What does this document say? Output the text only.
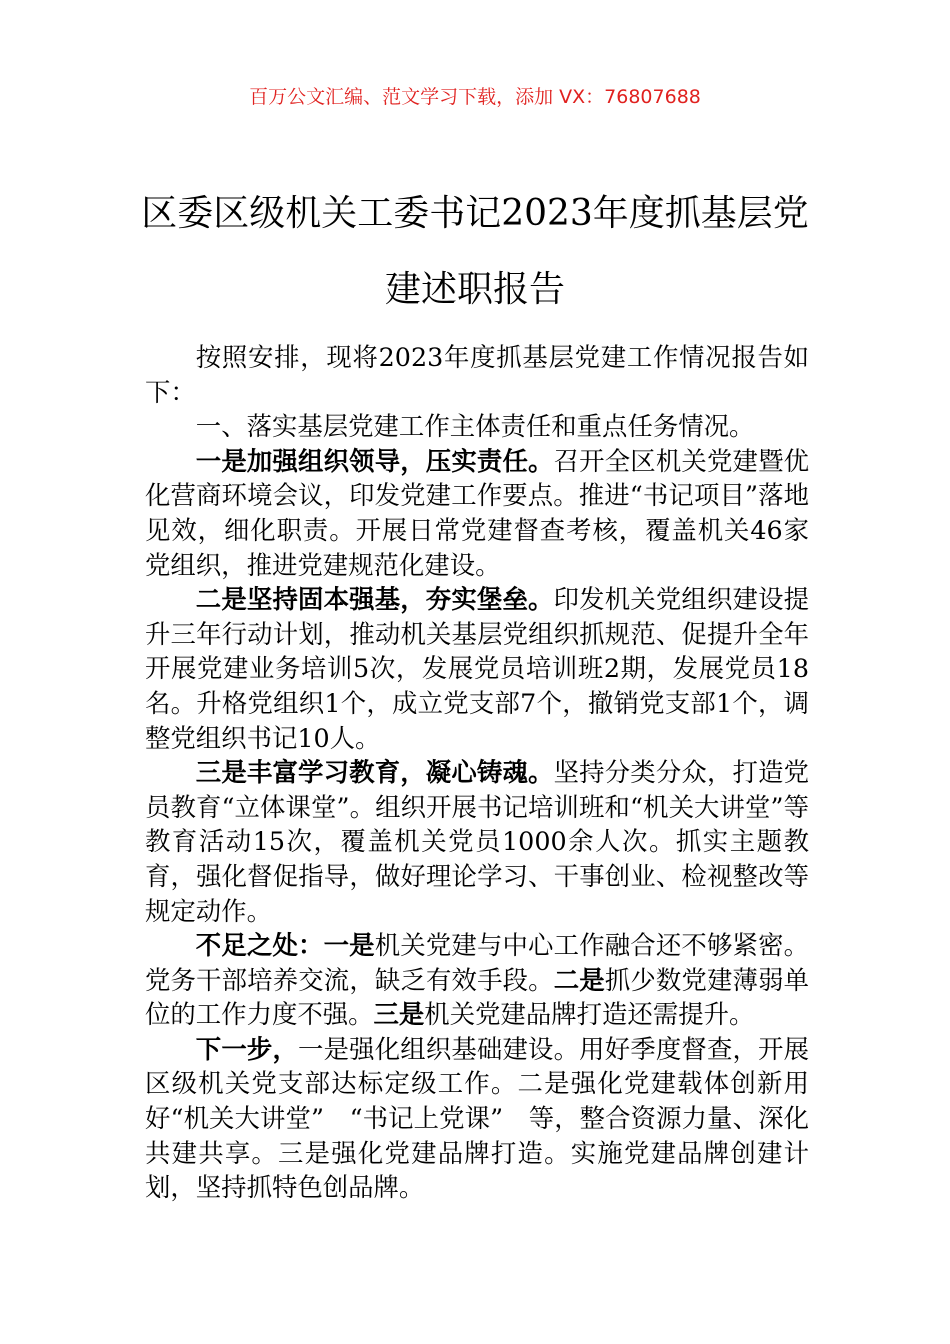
百万公文汇编、范文学习下载，添加 VX：76807688
区委区级机关工委书记2023年度抓基层党建述职报告

按照安排，现将2023年度抓基层党建工作情况报告如下：

一、落实基层党建工作主体责任和重点任务情况。

一是加强组织领导，压实责任。召开全区机关党建暨优化营商环境会议，印发党建工作要点。推进“书记项目”落地见效，细化职责。开展日常党建督查考核，覆盖机关46家党组织，推进党建规范化建设。

二是坚持固本强基，夯实堡垒。印发机关党组织建设提升三年行动计划，推动机关基层党组织抓规范、促提升全年开展党建业务培训5次，发展党员培训班2期，发展党员18名。升格党组织1个，成立党支部7个，撤销党支部1个，调整党组织书记10人。

三是丰富学习教育，凝心铸魂。坚持分类分众，打造党员教育“立体课堂”。组织开展书记培训班和“机关大讲堂”等教育活动15次，覆盖机关党员1000余人次。抓实主题教育，强化督促指导，做好理论学习、干事创业、检视整改等规定动作。

不足之处：一是机关党建与中心工作融合还不够紧密。党务干部培养交流，缺乏有效手段。二是抓少数党建薄弱单位的工作力度不强。三是机关党建品牌打造还需提升。

下一步，一是强化组织基础建设。用好季度督查，开展区级机关党支部达标定级工作。二是强化党建载体创新用好“机关大讲堂”　“书记上党课”　等，整合资源力量、深化共建共享。三是强化党建品牌打造。实施党建品牌创建计划，坚持抓特色创品牌。
